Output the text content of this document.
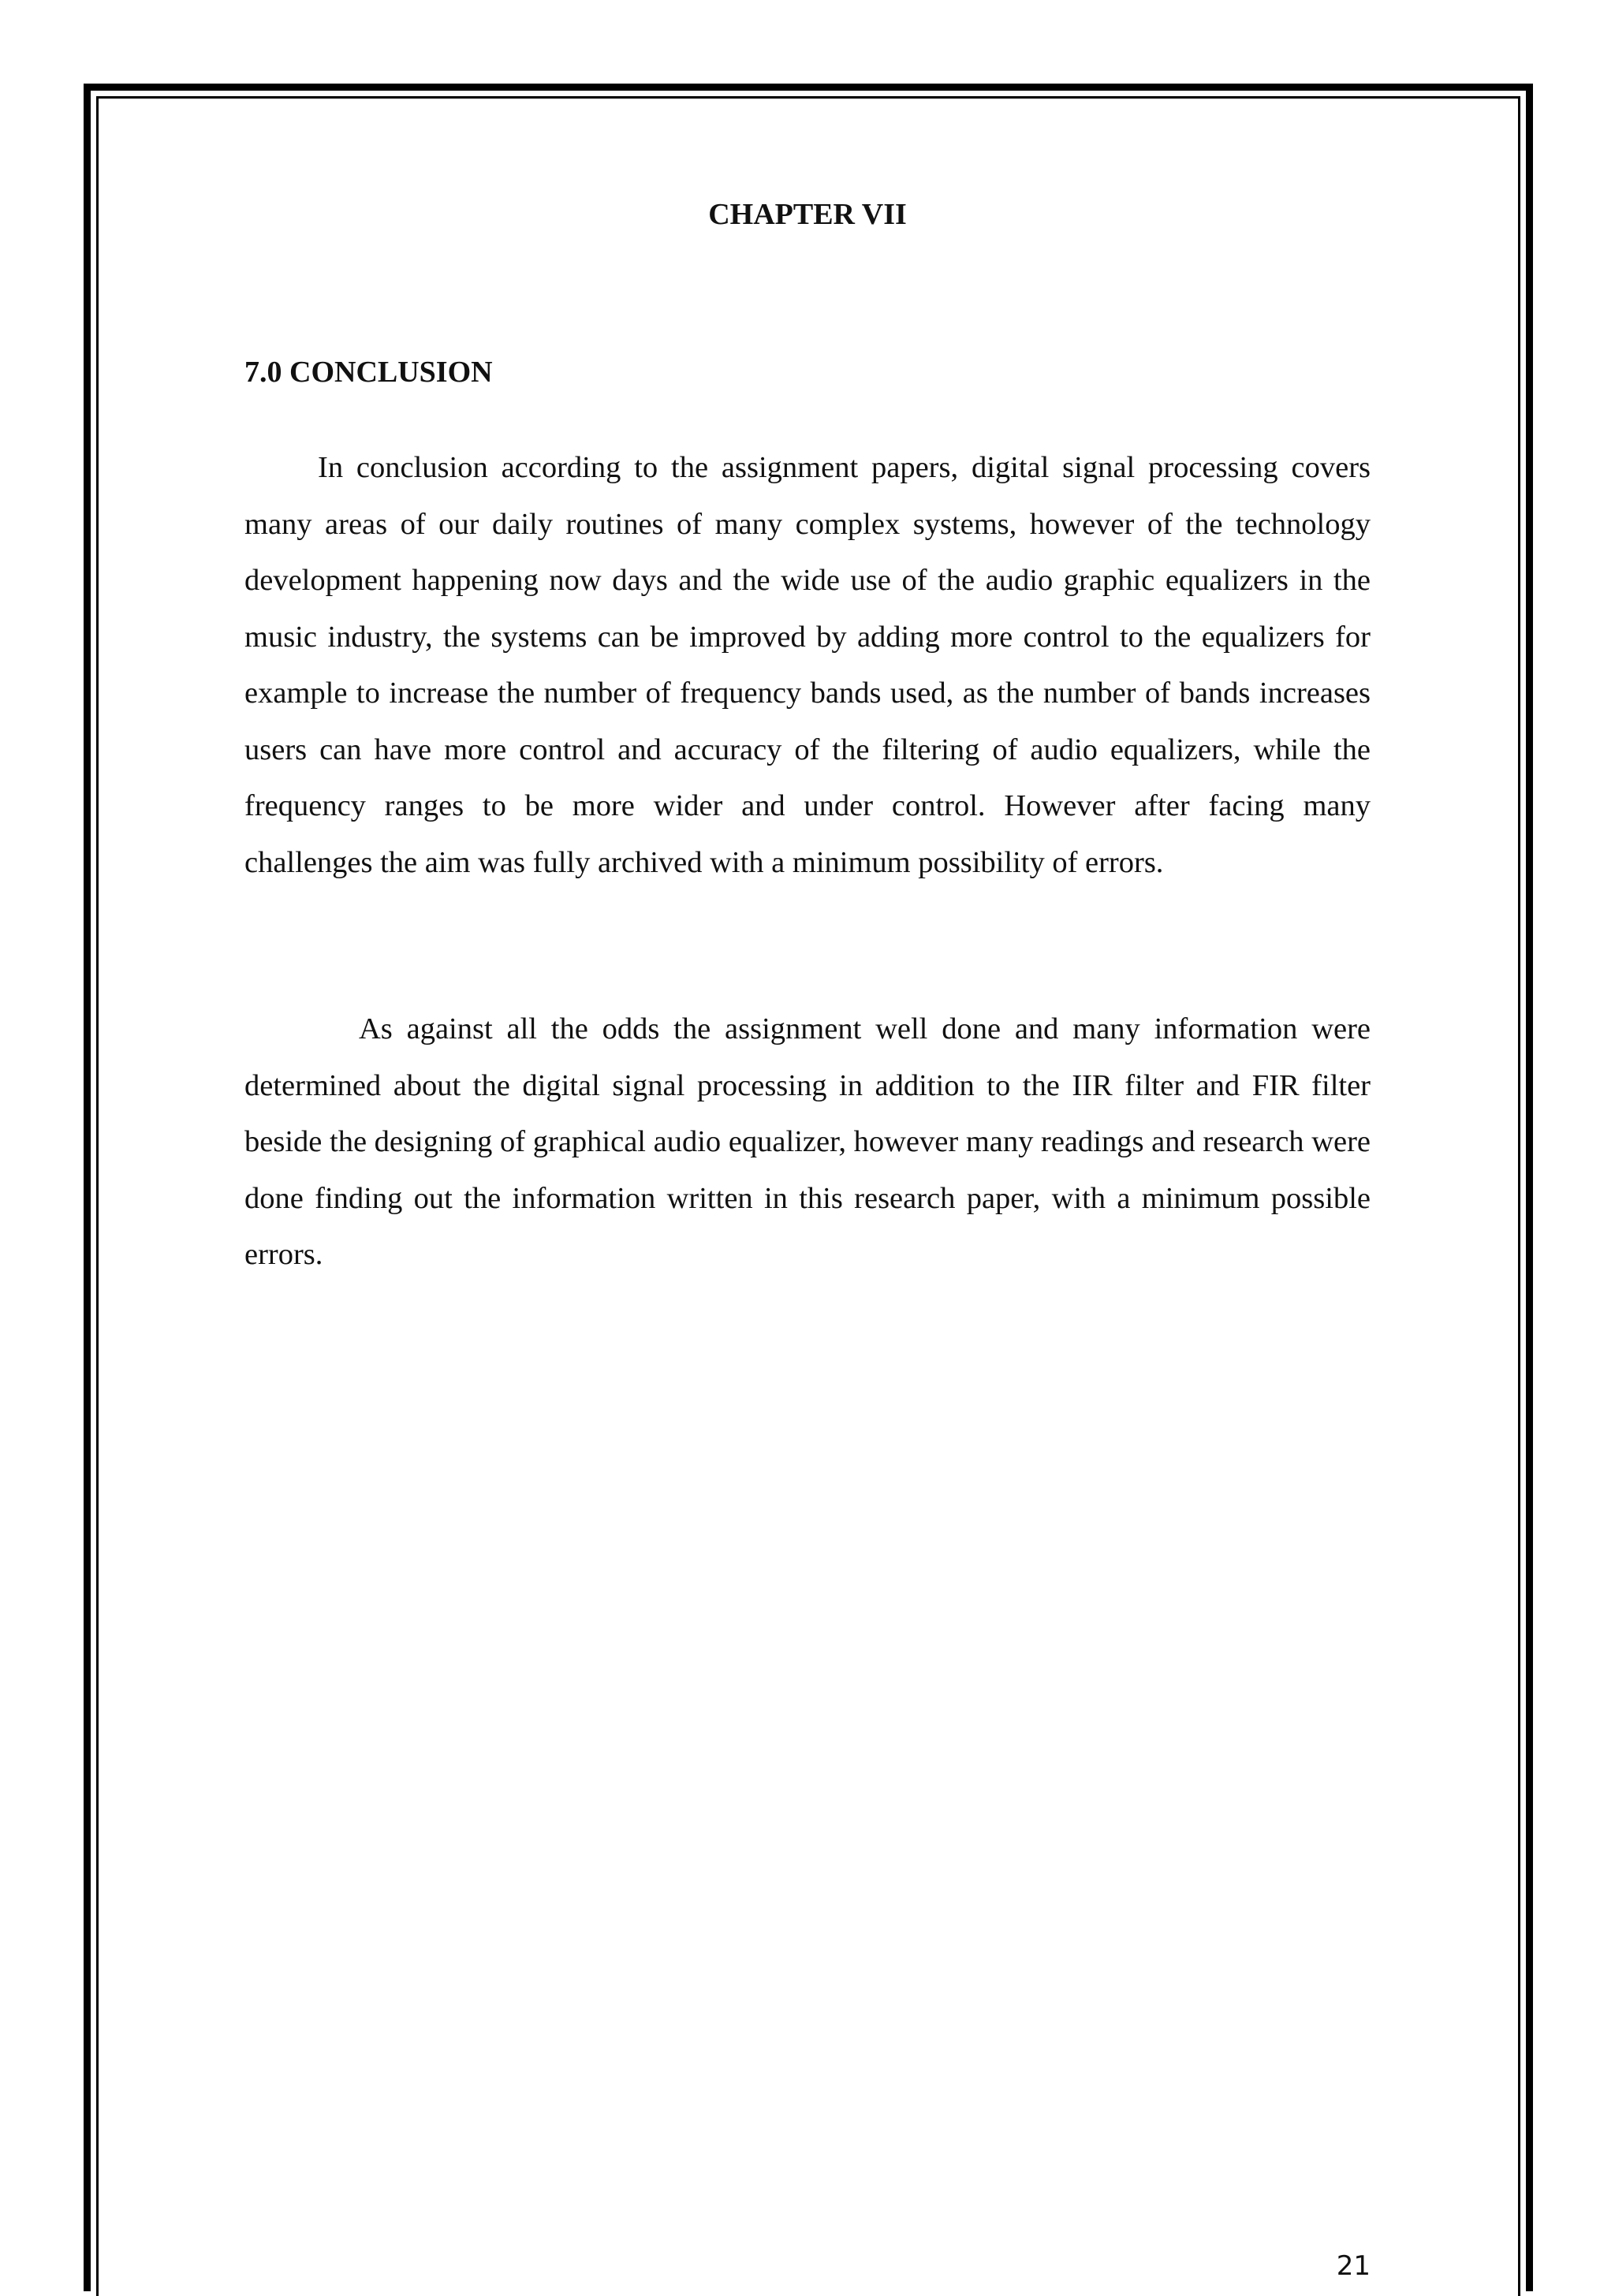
CHAPTER VII
7.0 CONCLUSION

In conclusion according to the assignment papers, digital signal processing covers many areas of our daily routines of many complex systems, however of the technology development happening now days and the wide use of the audio graphic equalizers in the music industry, the systems can be improved by adding more control to the equalizers for example to increase the number of frequency bands used, as the number of bands increases users can have more control and accuracy of the filtering of audio equalizers, while the frequency ranges to be more wider and under control. However after facing many challenges the aim was fully archived with a minimum possibility of errors.

As against all the odds the assignment well done and many information were determined about the digital signal processing in addition to the IIR filter and FIR filter beside the designing of graphical audio equalizer, however many readings and research were done finding out the information written in this research paper, with a minimum possible errors.

21
